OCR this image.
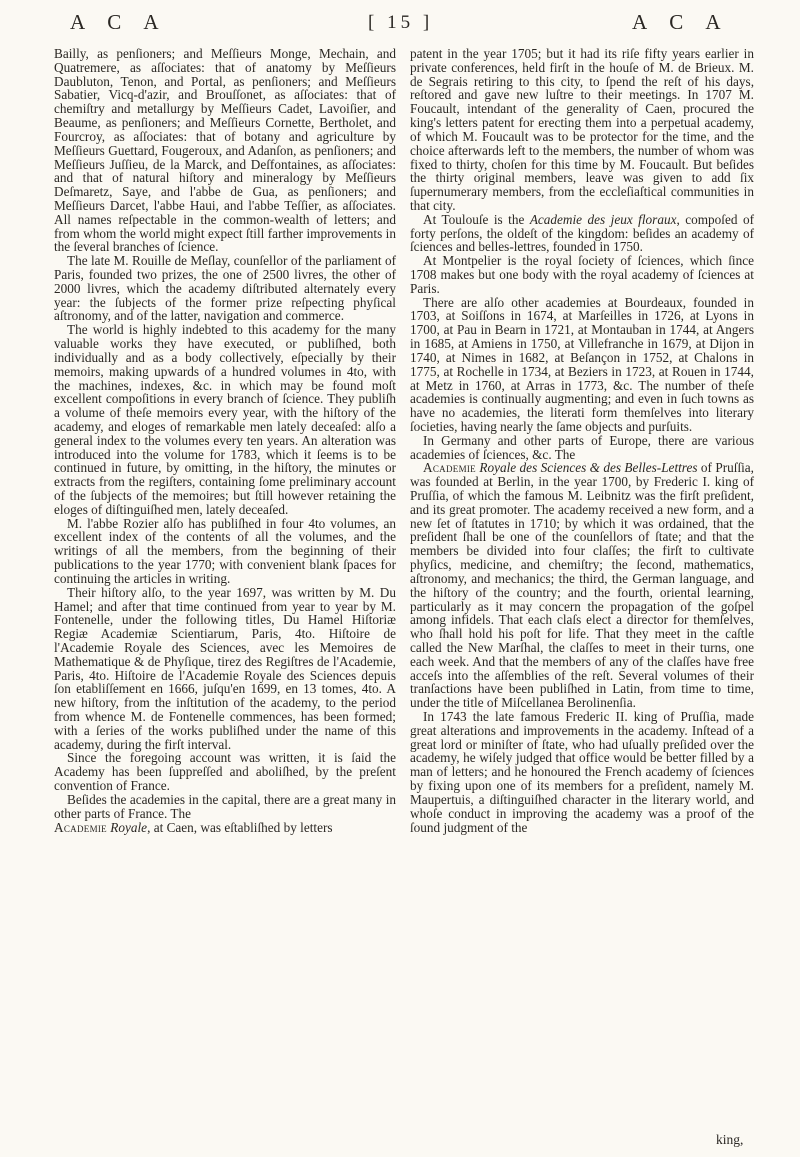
A C A	[ 15 ]	A C A

Bailly, as penſioners; and Meſſieurs Monge, Mechain, and Quatremere, as aſſociates: that of anatomy by Meſſieurs Daubluton, Tenon, and Portal, as penſioners; and Meſſieurs Sabatier, Vicq-d'azir, and Brouſſonet, as aſſociates: that of chemiſtry and metallurgy by Meſſieurs Cadet, Lavoiſier, and Beaume, as penſioners; and Meſſieurs Cornette, Bertholet, and Fourcroy, as aſſociates: that of botany and agriculture by Meſſieurs Guettard, Fougeroux, and Adanſon, as penſioners; and Meſſieurs Juſſieu, de la Marck, and Deſfontaines, as aſſociates: and that of natural hiſtory and mineralogy by Meſſieurs Deſmaretz, Saye, and l'abbe de Gua, as penſioners; and Meſſieurs Darcet, l'abbe Haui, and l'abbe Teſſier, as aſſociates. All names reſpectable in the common-wealth of letters; and from whom the world might expect ſtill farther improvements in the ſeveral branches of ſcience.

The late M. Rouille de Meſlay, counſellor of the parliament of Paris, founded two prizes, the one of 2500 livres, the other of 2000 livres, which the academy diſtributed alternately every year: the ſubjects of the former prize reſpecting phyſical aſtronomy, and of the latter, navigation and commerce.

The world is highly indebted to this academy for the many valuable works they have executed, or publiſhed, both individually and as a body collectively, eſpecially by their memoirs, making upwards of a hundred volumes in 4to, with the machines, indexes, &c. in which may be found moſt excellent compoſitions in every branch of ſcience. They publiſh a volume of theſe memoirs every year, with the hiſtory of the academy, and eloges of remarkable men lately deceaſed: alſo a general index to the volumes every ten years. An alteration was introduced into the volume for 1783, which it ſeems is to be continued in future, by omitting, in the hiſtory, the minutes or extracts from the regiſters, containing ſome preliminary account of the ſubjects of the memoires; but ſtill however retaining the eloges of diſtinguiſhed men, lately deceaſed.

M. l'abbe Rozier alſo has publiſhed in four 4to volumes, an excellent index of the contents of all the volumes, and the writings of all the members, from the beginning of their publications to the year 1770; with convenient blank ſpaces for continuing the articles in writing.

Their hiſtory alſo, to the year 1697, was written by M. Du Hamel; and after that time continued from year to year by M. Fontenelle, under the following titles, Du Hamel Hiſtoriæ Regiæ Academiæ Scientiarum, Paris, 4to. Hiſtoire de l'Academie Royale des Sciences, avec les Memoires de Mathematique & de Phyſique, tirez des Regiſtres de l'Academie, Paris, 4to. Hiſtoire de l'Academie Royale des Sciences depuis ſon etabliſſement en 1666, juſqu'en 1699, en 13 tomes, 4to. A new hiſtory, from the inſtitution of the academy, to the period from whence M. de Fontenelle commences, has been formed; with a ſeries of the works publiſhed under the name of this academy, during the firſt interval.

Since the foregoing account was written, it is ſaid the Academy has been ſuppreſſed and aboliſhed, by the preſent convention of France.

Beſides the academies in the capital, there are a great many in other parts of France. The

Academie Royale, at Caen, was eſtabliſhed by letters

patent in the year 1705; but it had its riſe fifty years earlier in private conferences, held firſt in the houſe of M. de Brieux. M. de Segrais retiring to this city, to ſpend the reſt of his days, reſtored and gave new luſtre to their meetings. In 1707 M. Foucault, intendant of the generality of Caen, procured the king's letters patent for erecting them into a perpetual academy, of which M. Foucault was to be protector for the time, and the choice afterwards left to the members, the number of whom was fixed to thirty, choſen for this time by M. Foucault. But beſides the thirty original members, leave was given to add ſix ſupernumerary members, from the eccleſiaſtical communities in that city.

At Toulouſe is the Academie des jeux floraux, compoſed of forty perſons, the oldeſt of the kingdom: beſides an academy of ſciences and belles-lettres, founded in 1750.

At Montpelier is the royal ſociety of ſciences, which ſince 1708 makes but one body with the royal academy of ſciences at Paris.

There are alſo other academies at Bourdeaux, founded in 1703, at Soiſſons in 1674, at Marſeilles in 1726, at Lyons in 1700, at Pau in Bearn in 1721, at Montauban in 1744, at Angers in 1685, at Amiens in 1750, at Villefranche in 1679, at Dijon in 1740, at Nimes in 1682, at Beſançon in 1752, at Chalons in 1775, at Rochelle in 1734, at Beziers in 1723, at Rouen in 1744, at Metz in 1760, at Arras in 1773, &c. The number of theſe academies is continually augmenting; and even in ſuch towns as have no academies, the literati form themſelves into literary ſocieties, having nearly the ſame objects and purſuits.

In Germany and other parts of Europe, there are various academies of ſciences, &c. The

Academie Royale des Sciences & des Belles-Lettres of Pruſſia, was founded at Berlin, in the year 1700, by Frederic I. king of Pruſſia, of which the famous M. Leibnitz was the firſt preſident, and its great promoter. The academy received a new form, and a new ſet of ſtatutes in 1710; by which it was ordained, that the preſident ſhall be one of the counſellors of ſtate; and that the members be divided into four claſſes; the firſt to cultivate phyſics, medicine, and chemiſtry; the ſecond, mathematics, aſtronomy, and mechanics; the third, the German language, and the hiſtory of the country; and the fourth, oriental learning, particularly as it may concern the propagation of the goſpel among infidels. That each claſs elect a director for themſelves, who ſhall hold his poſt for life. That they meet in the caſtle called the New Marſhal, the claſſes to meet in their turns, one each week. And that the members of any of the claſſes have free acceſs into the aſſemblies of the reſt. Several volumes of their tranſactions have been publiſhed in Latin, from time to time, under the title of Miſcellanea Berolinenſia.

In 1743 the late famous Frederic II. king of Pruſſia, made great alterations and improvements in the academy. Inſtead of a great lord or miniſter of ſtate, who had uſually preſided over the academy, he wiſely judged that office would be better filled by a man of letters; and he honoured the French academy of ſciences by fixing upon one of its members for a preſident, namely M. Maupertuis, a diſtinguiſhed character in the literary world, and whoſe conduct in improving the academy was a proof of the ſound judgment of the

king,
